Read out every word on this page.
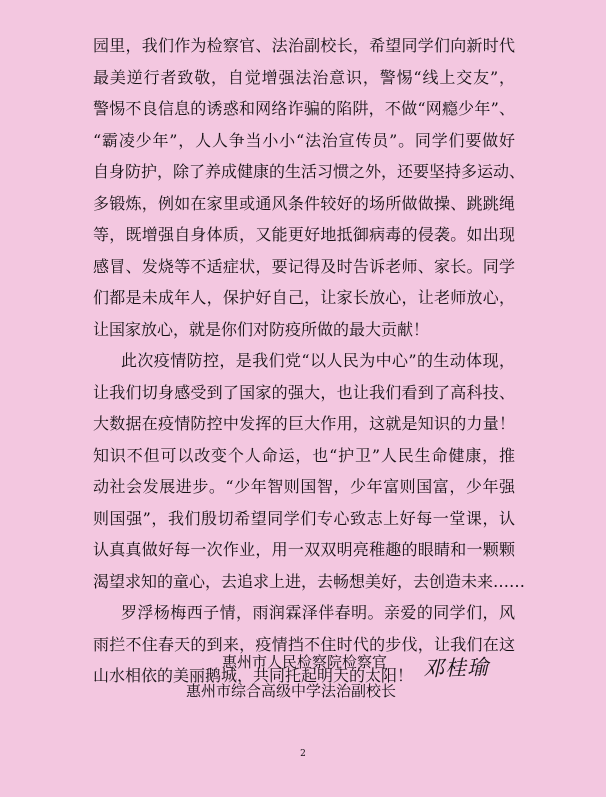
园里，我们作为检察官、法治副校长，希望同学们向新时代
最美逆行者致敬，自觉增强法治意识，警惕“线上交友”，
警惕不良信息的诱惑和网络诈骗的陷阱，不做“网瘾少年”、
“霸凌少年”，人人争当小小“法治宣传员”。同学们要做好
自身防护，除了养成健康的生活习惯之外，还要坚持多运动、
多锻炼，例如在家里或通风条件较好的场所做做操、跳跳绳
等，既增强自身体质，又能更好地抵御病毒的侵袭。如出现
感冒、发烧等不适症状，要记得及时告诉老师、家长。同学
们都是未成年人，保护好自己，让家长放心，让老师放心，
让国家放心，就是你们对防疫所做的最大贡献！
此次疫情防控，是我们党“以人民为中心”的生动体现，
让我们切身感受到了国家的强大，也让我们看到了高科技、
大数据在疫情防控中发挥的巨大作用，这就是知识的力量！
知识不但可以改变个人命运，也“护卫”人民生命健康，推
动社会发展进步。“少年智则国智，少年富则国富，少年强
则国强”，我们殷切希望同学们专心致志上好每一堂课，认
认真真做好每一次作业，用一双双明亮稚趣的眼睛和一颗颗
渴望求知的童心，去追求上进，去畅想美好，去创造未来……
罗浮杨梅西子情，雨润霖泽伴春明。亲爱的同学们，风
雨拦不住春天的到来，疫情挡不住时代的步伐，让我们在这
山水相依的美丽鹅城，共同托起明天的太阳！
惠州市人民检察院检察官
惠州市综合高级中学法治副校长
邓桂瑜
2
